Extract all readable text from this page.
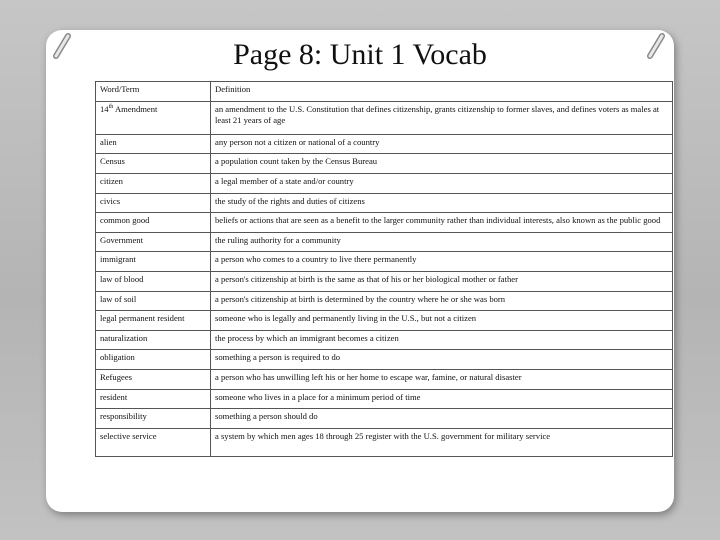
Page 8: Unit 1 Vocab
Word/Term	Definition
14th Amendment	an amendment to the U.S. Constitution that defines citizenship, grants citizenship to former slaves, and defines voters as males at least 21 years of age
alien	any person not a citizen or national of a country
Census	a population count taken by the Census Bureau
citizen	a legal member of a state and/or country
civics	the study of the rights and duties of citizens
common good	beliefs or actions that are seen as a benefit to the larger community rather than individual interests, also known as the public good
Government	the ruling authority for a community
immigrant	a person who comes to a country to live there permanently
law of blood	a person's citizenship at birth is the same as that of his or her biological mother or father
law of soil	a person's citizenship at birth is determined by the country where he or she was born
legal permanent resident	someone who is legally and permanently living in the U.S., but not a citizen
naturalization	the process by which an immigrant becomes a citizen
obligation	something a person is required to do
Refugees	a person who has unwilling left his or her home to escape war, famine, or natural disaster
resident	someone who lives in a place for a minimum period of time
responsibility	something a person should do
selective service	a system by which men ages 18 through 25 register with the U.S. government for military service
